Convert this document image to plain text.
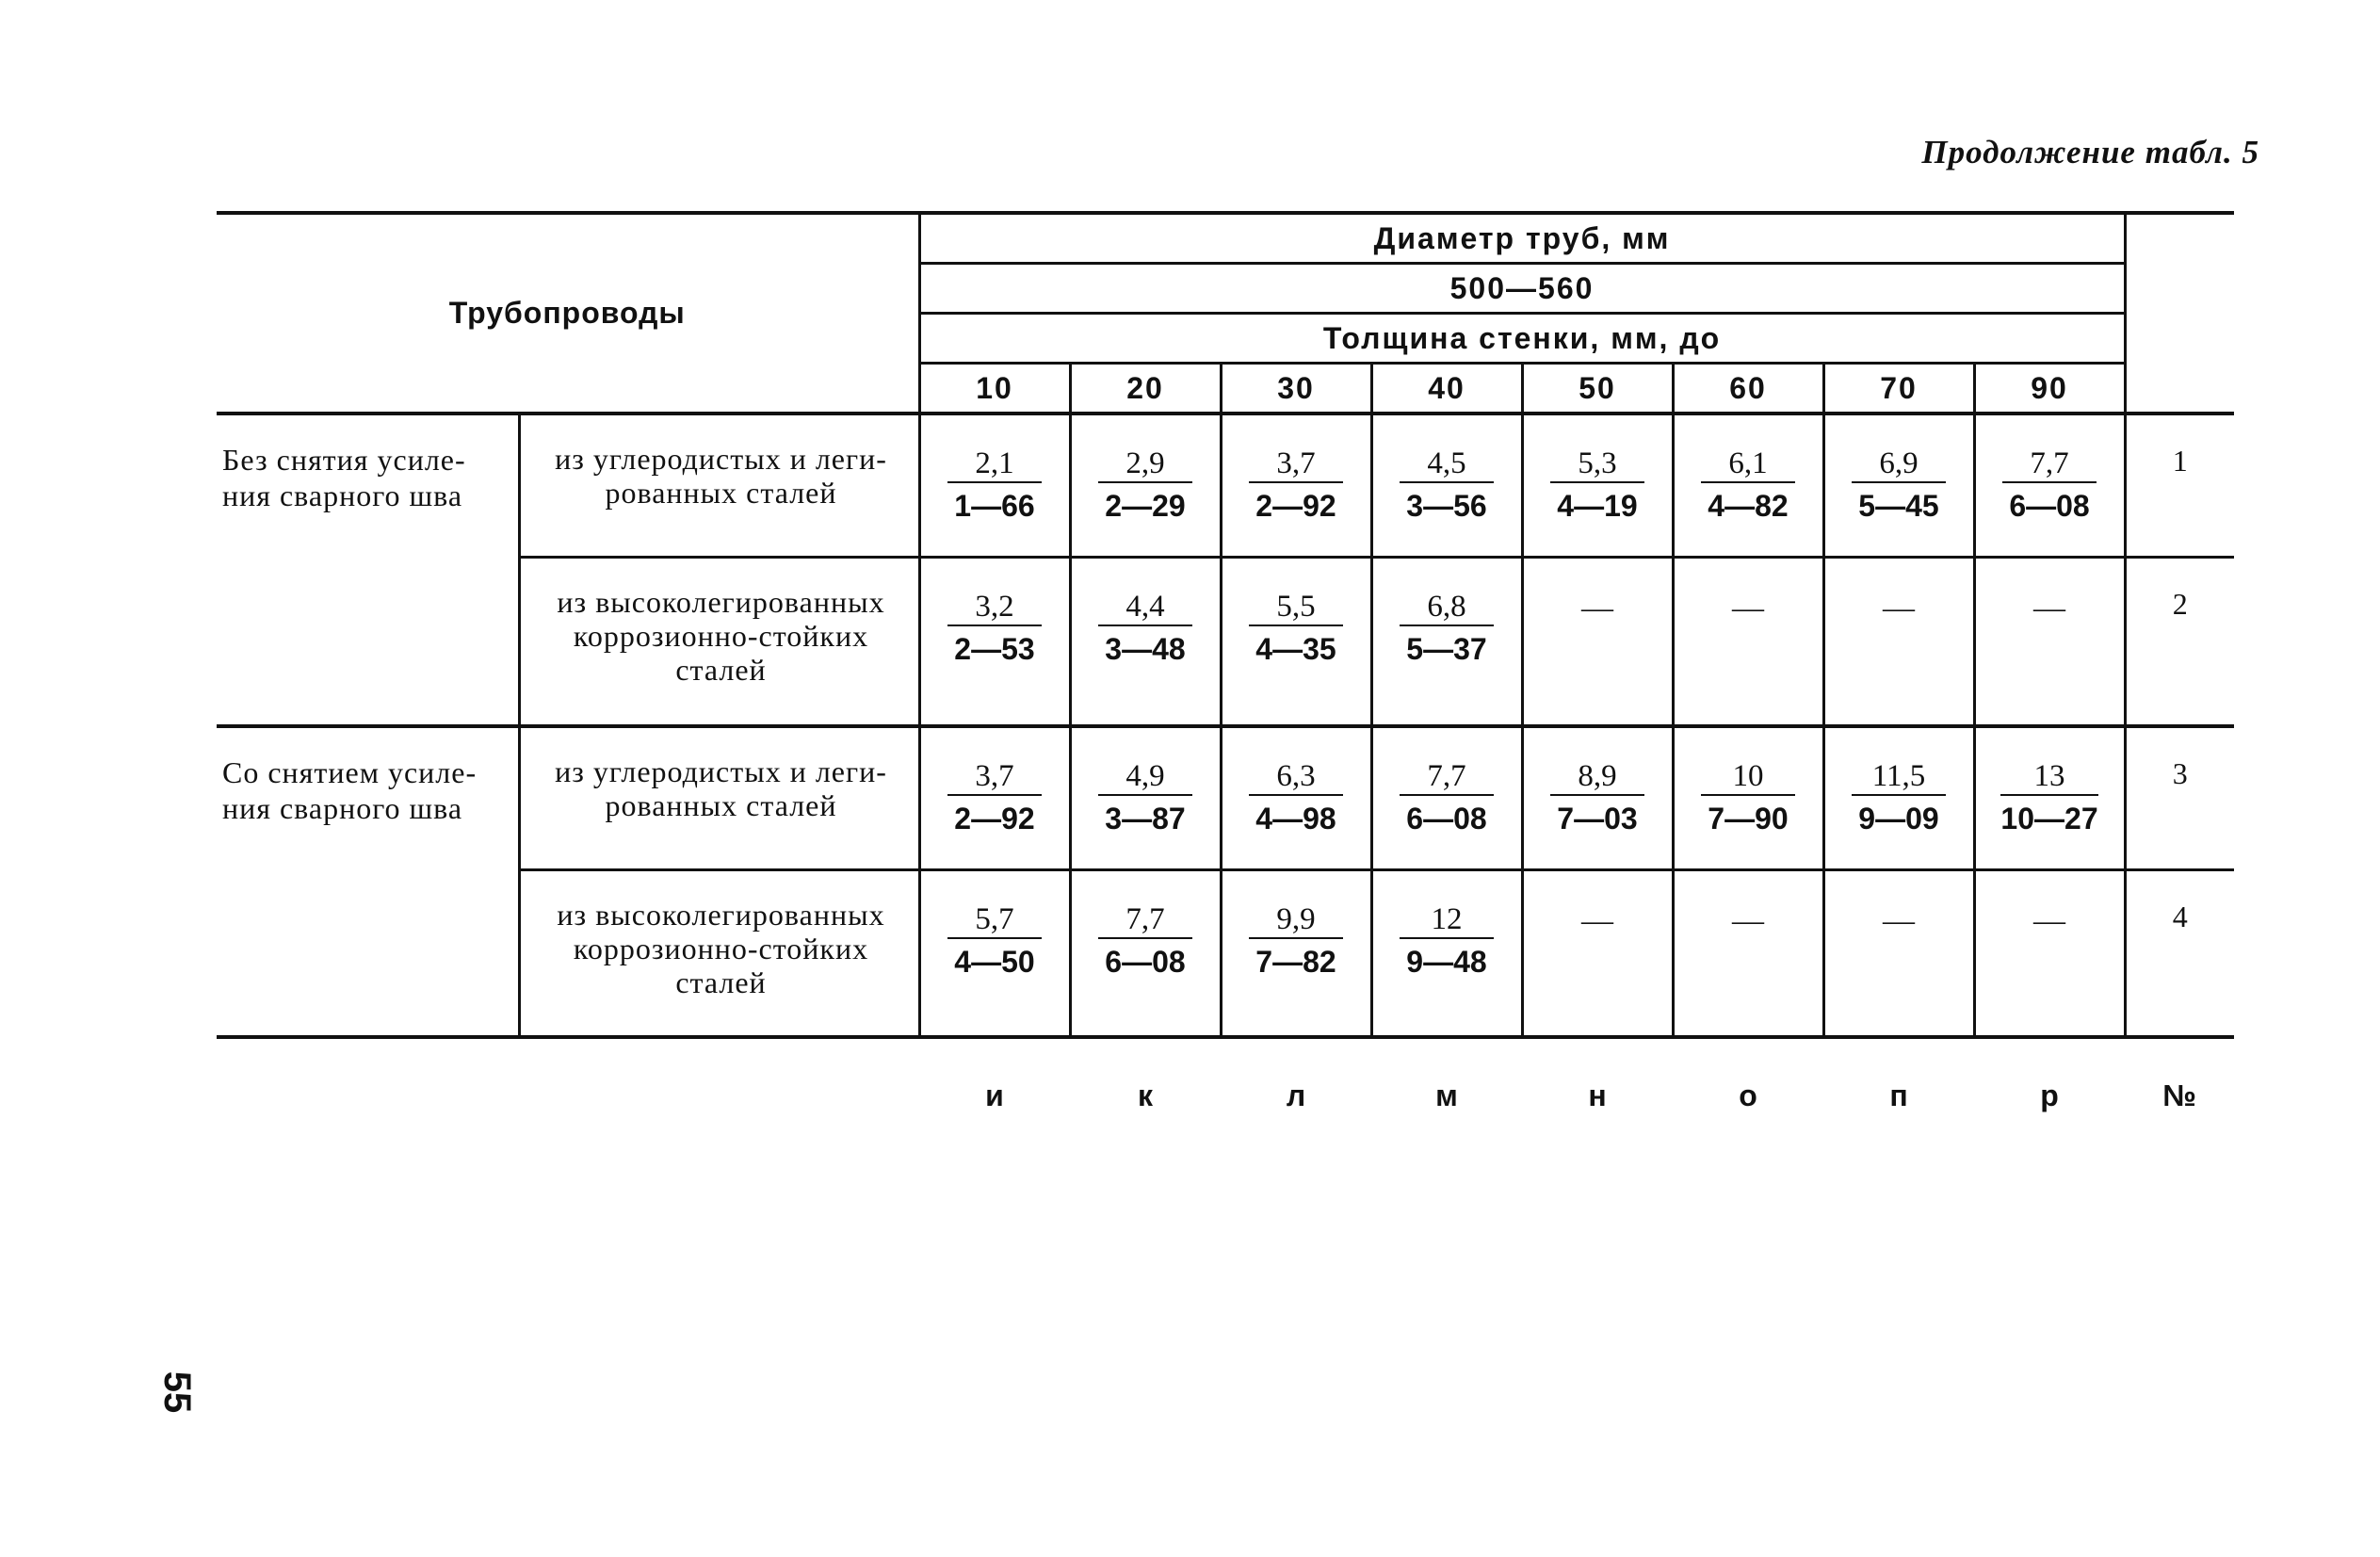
Продолжение табл. 5
Трубопроводы		Диаметр труб, мм								
		500—560								
		Толщина стенки, мм, до								
		10	20	30	40	50	60	70	90	
Без снятия усиле-ния сварного шва	из углеродистых и леги-рованных сталей	$\frac{2,1}{1—66}$	$\frac{2,9}{2—29}$	$\frac{3,7}{2—92}$	$\frac{4,5}{3—56}$	$\frac{5,3}{4—19}$	$\frac{6,1}{4—82}$	$\frac{6,9}{5—45}$	$\frac{7,7}{6—08}$	1
	из высоколегированных коррозионно-стойких сталей	$\frac{3,2}{2—53}$	$\frac{4,4}{3—48}$	$\frac{5,5}{4—35}$	$\frac{6,8}{5—37}$	—	—	—	—	2
Со снятием усиле-ния сварного шва	из углеродистых и леги-рованных сталей	$\frac{3,7}{2—92}$	$\frac{4,9}{3—87}$	$\frac{6,3}{4—98}$	$\frac{7,7}{6—08}$	$\frac{8,9}{7—03}$	$\frac{10}{7—90}$	$\frac{11,5}{9—09}$	$\frac{13}{10—27}$	3
	из высоколегированных коррозионно-стойких сталей	$\frac{5,7}{4—50}$	$\frac{7,7}{6—08}$	$\frac{9,9}{7—82}$	$\frac{12}{9—48}$	—	—	—	—	4
		и	к	л	м	н	о	п	р	№
55
